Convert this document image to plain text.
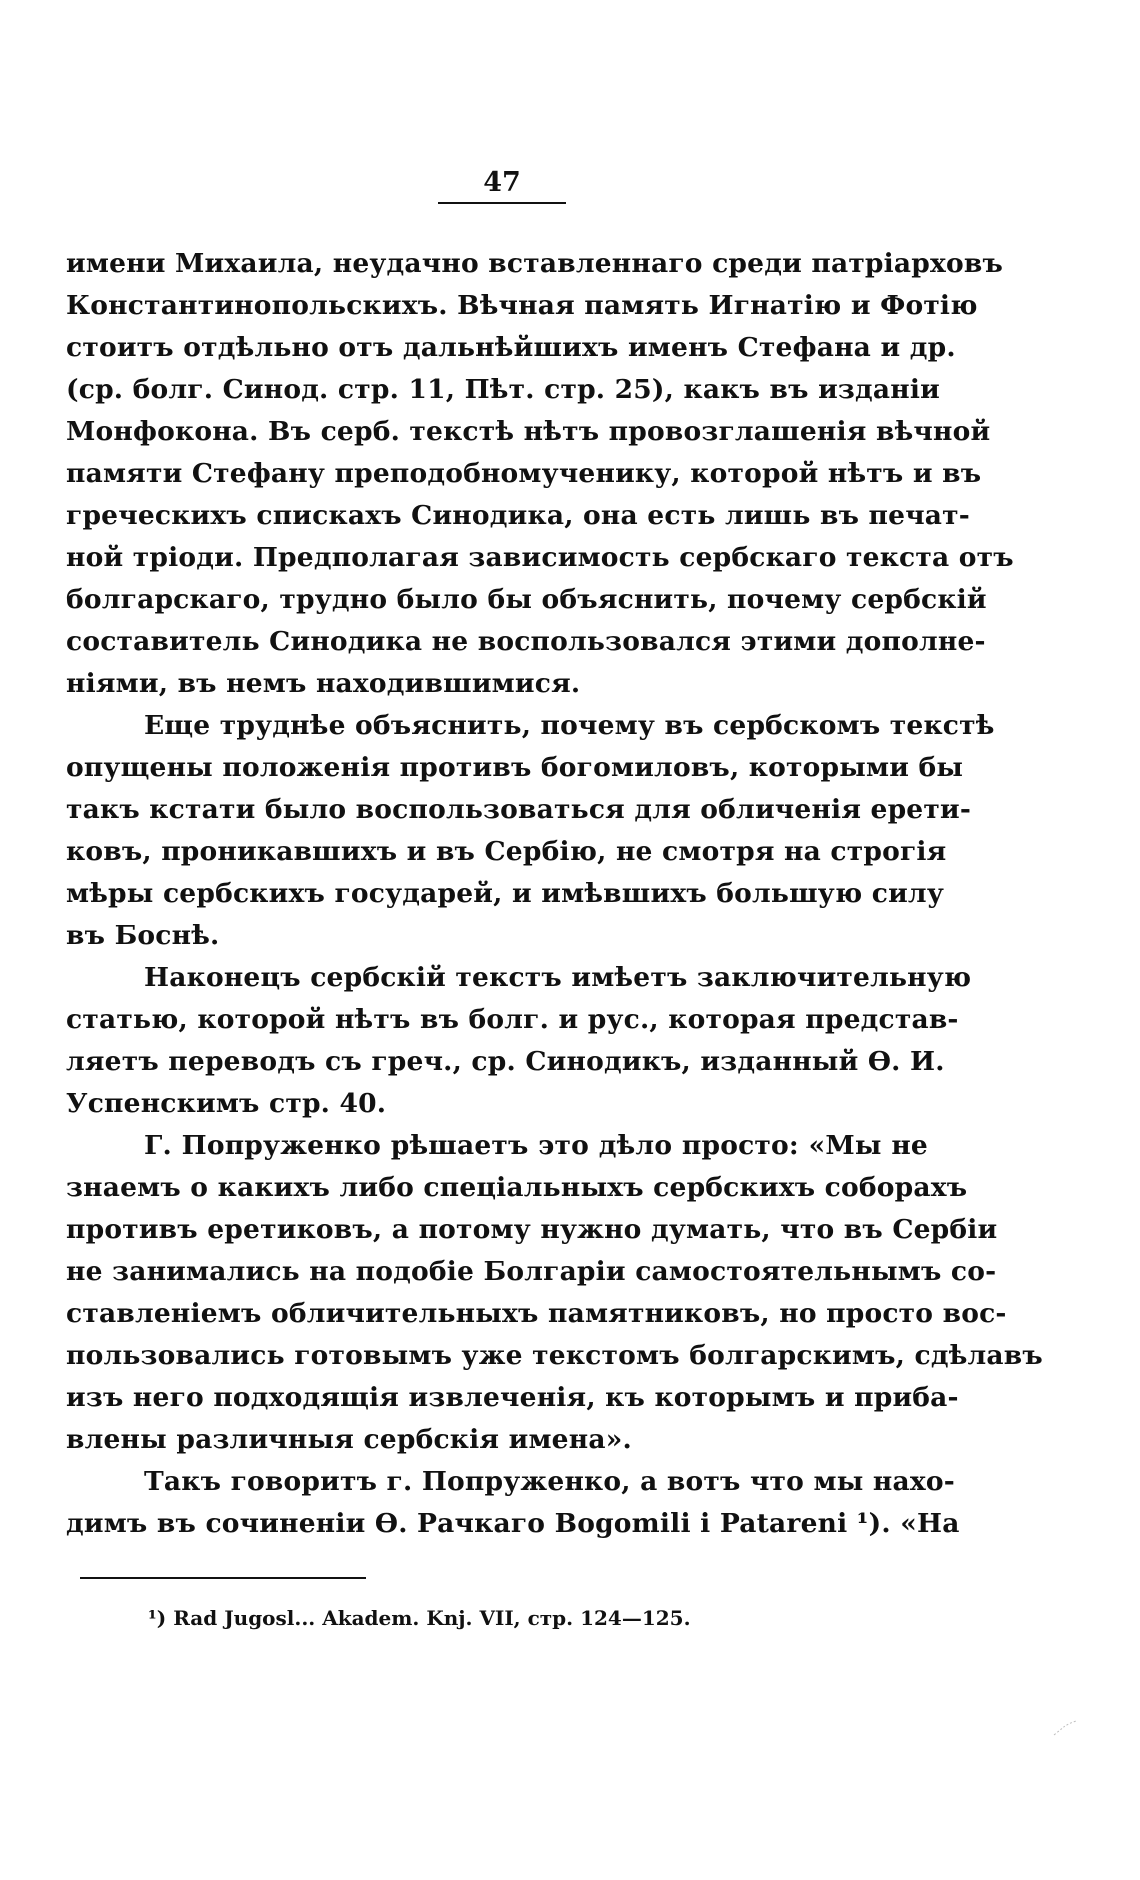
47
имени Михаила, неудачно вставленнаго среди патріарховъ
Константинопольскихъ. Вѣчная память Игнатію и Фотію
стоитъ отдѣльно отъ дальнѣйшихъ именъ Стефана и др.
(ср. болг. Синод. стр. 11, Пѣт. стр. 25), какъ въ изданіи
Монфокона. Въ серб. текстѣ нѣтъ провозглашенія вѣчной
памяти Стефану преподобномученику, которой нѣтъ и въ
греческихъ спискахъ Синодика, она есть лишь въ печат-
ной тріоди. Предполагая зависимость сербскаго текста отъ
болгарскаго, трудно было бы объяснить, почему сербскій
составитель Синодика не воспользовался этими дополне-
ніями, въ немъ находившимися.
Еще труднѣе объяснить, почему въ сербскомъ текстѣ
опущены положенія противъ богомиловъ, которыми бы
такъ кстати было воспользоваться для обличенія ерети-
ковъ, проникавшихъ и въ Сербію, не смотря на строгія
мѣры сербскихъ государей, и имѣвшихъ большую силу
въ Боснѣ.
Наконецъ сербскій текстъ имѣетъ заключительную
статью, которой нѣтъ въ болг. и рус., которая представ-
ляетъ переводъ съ греч., ср. Синодикъ, изданный Ѳ. И.
Успенскимъ стр. 40.
Г. Попруженко рѣшаетъ это дѣло просто: «Мы не
знаемъ о какихъ либо спеціальныхъ сербскихъ соборахъ
противъ еретиковъ, а потому нужно думать, что въ Сербіи
не занимались на подобіе Болгаріи самостоятельнымъ со-
ставленіемъ обличительныхъ памятниковъ, но просто вос-
пользовались готовымъ уже текстомъ болгарскимъ, сдѣлавъ
изъ него подходящія извлеченія, къ которымъ и приба-
влены различныя сербскія имена».
Такъ говоритъ г. Попруженко, а вотъ что мы нахо-
димъ въ сочиненіи Ѳ. Рачкаго Bogomili i Patareni ¹). «На
¹) Rad Jugosl... Akadem. Knj. VII, стр. 124—125.
